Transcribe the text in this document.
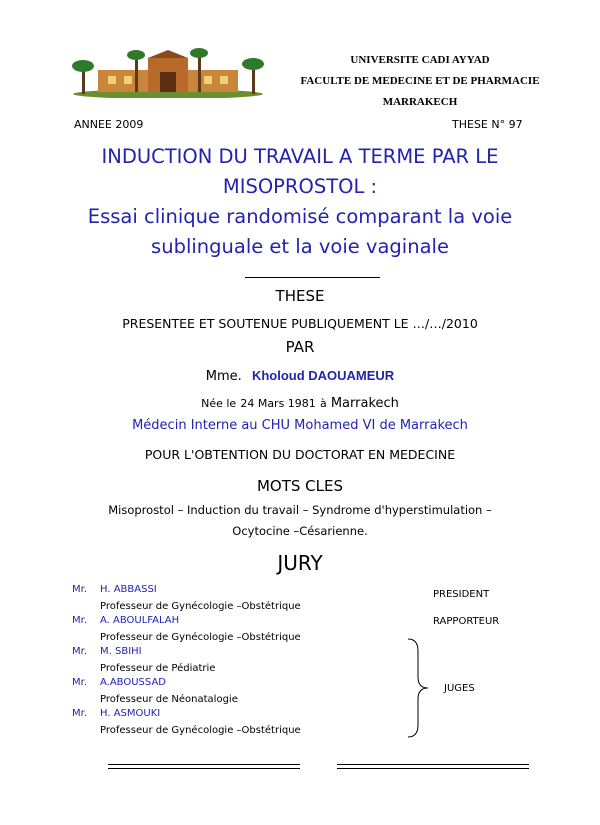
UNIVERSITE CADI AYYAD
FACULTE DE MEDECINE ET DE PHARMACIE
MARRAKECH
ANNEE 2009	THESE N° 97
INDUCTION DU TRAVAIL A TERME PAR LE
MISOPROSTOL :
Essai clinique randomisé comparant la voie
sublinguale et la voie vaginale
THESE
PRESENTEE ET SOUTENUE PUBLIQUEMENT LE …/…/2010
PAR
Mme. Kholoud DAOUAMEUR
Née le 24 Mars 1981 à Marrakech
Médecin Interne au CHU Mohamed VI de Marrakech
POUR L'OBTENTION DU DOCTORAT EN MEDECINE
MOTS CLES
Misoprostol – Induction du travail – Syndrome d'hyperstimulation –
Ocytocine –Césarienne.
JURY
Mr. H. ABBASSI
Professeur de Gynécologie –Obstétrique
PRESIDENT
Mr. A. ABOULFALAH
Professeur de Gynécologie –Obstétrique
RAPPORTEUR
Mr. M. SBIHI
Professeur de Pédiatrie
Mr. A.ABOUSSAD
Professeur de Néonatalogie
Mr. H. ASMOUKI
Professeur de Gynécologie –Obstétrique
JUGES
